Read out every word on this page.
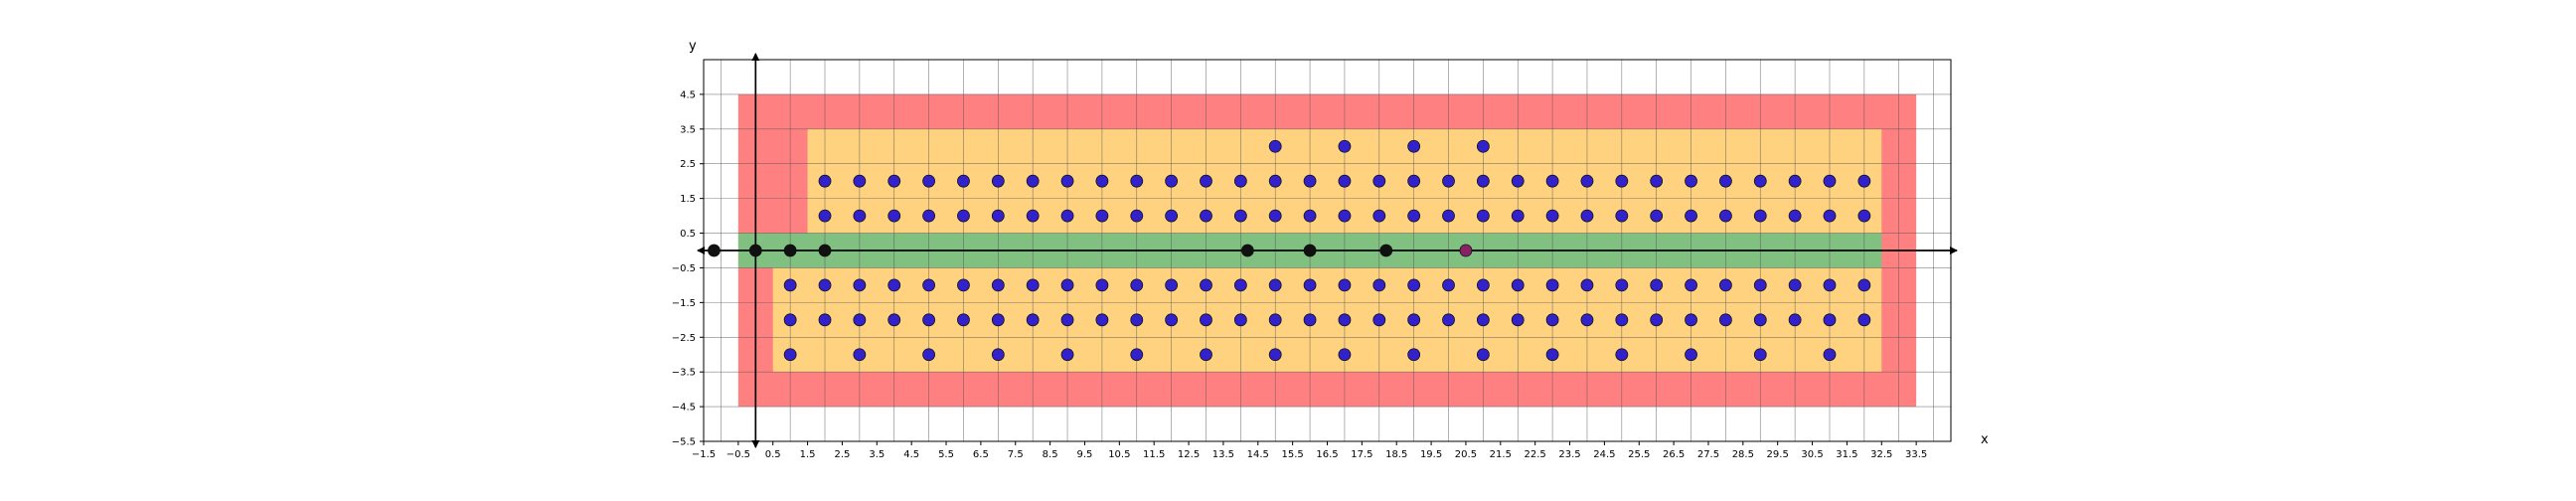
−1.5 −0.5 0.5 1.5 2.5 3.5 4.5 5.5 6.5 7.5 8.5 9.5 10.5 11.5 12.5 13.5 14.5 15.5 16.5 17.5 18.5 19.5 20.5 21.5 22.5 23.5 24.5 25.5 26.5 27.5 28.5 29.5 30.5 31.5 32.5 33.5
−5.5
−4.5
−3.5
−2.5
−1.5
−0.5
0.5
1.5
2.5
3.5
4.5
x
y
